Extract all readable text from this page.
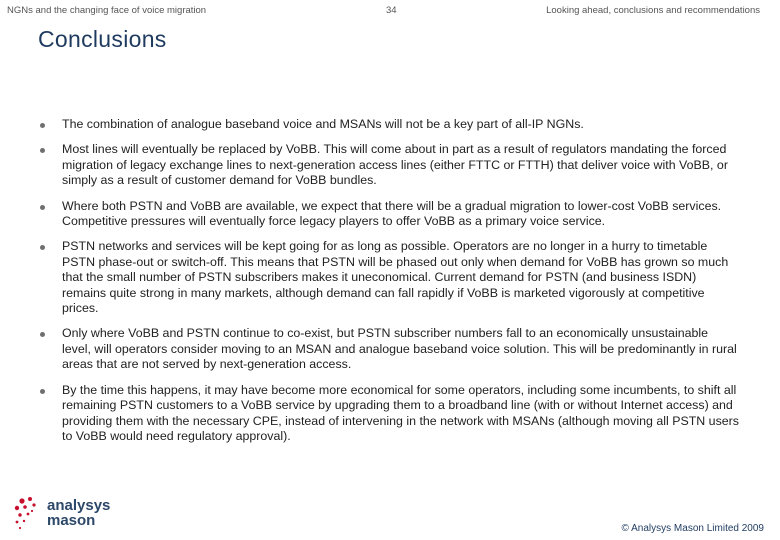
NGNs and the changing face of voice migration	34	Looking ahead, conclusions and recommendations
Conclusions
The combination of analogue baseband voice and MSANs will not be a key part of all-IP NGNs.
Most lines will eventually be replaced by VoBB. This will come about in part as a result of regulators mandating the forced migration of legacy exchange lines to next-generation access lines (either FTTC or FTTH) that deliver voice with VoBB, or simply as a result of customer demand for VoBB bundles.
Where both PSTN and VoBB are available, we expect that there will be a gradual migration to lower-cost VoBB services. Competitive pressures will eventually force legacy players to offer VoBB as a primary voice service.
PSTN networks and services will be kept going for as long as possible. Operators are no longer in a hurry to timetable PSTN phase-out or switch-off. This means that PSTN will be phased out only when demand for VoBB has grown so much that the small number of PSTN subscribers makes it uneconomical. Current demand for PSTN (and business ISDN) remains quite strong in many markets, although demand can fall rapidly if VoBB is marketed vigorously at competitive prices.
Only where VoBB and PSTN continue to co-exist, but PSTN subscriber numbers fall to an economically unsustainable level, will operators consider moving to an MSAN and analogue baseband voice solution. This will be predominantly in rural areas that are not served by next-generation access.
By the time this happens, it may have become more economical for some operators, including some incumbents, to shift all remaining PSTN customers to a VoBB service by upgrading them to a broadband line (with or without Internet access) and providing them with the necessary CPE, instead of intervening in the network with MSANs (although moving all PSTN users to VoBB would need regulatory approval).
analysys
mason	© Analysys Mason Limited 2009
